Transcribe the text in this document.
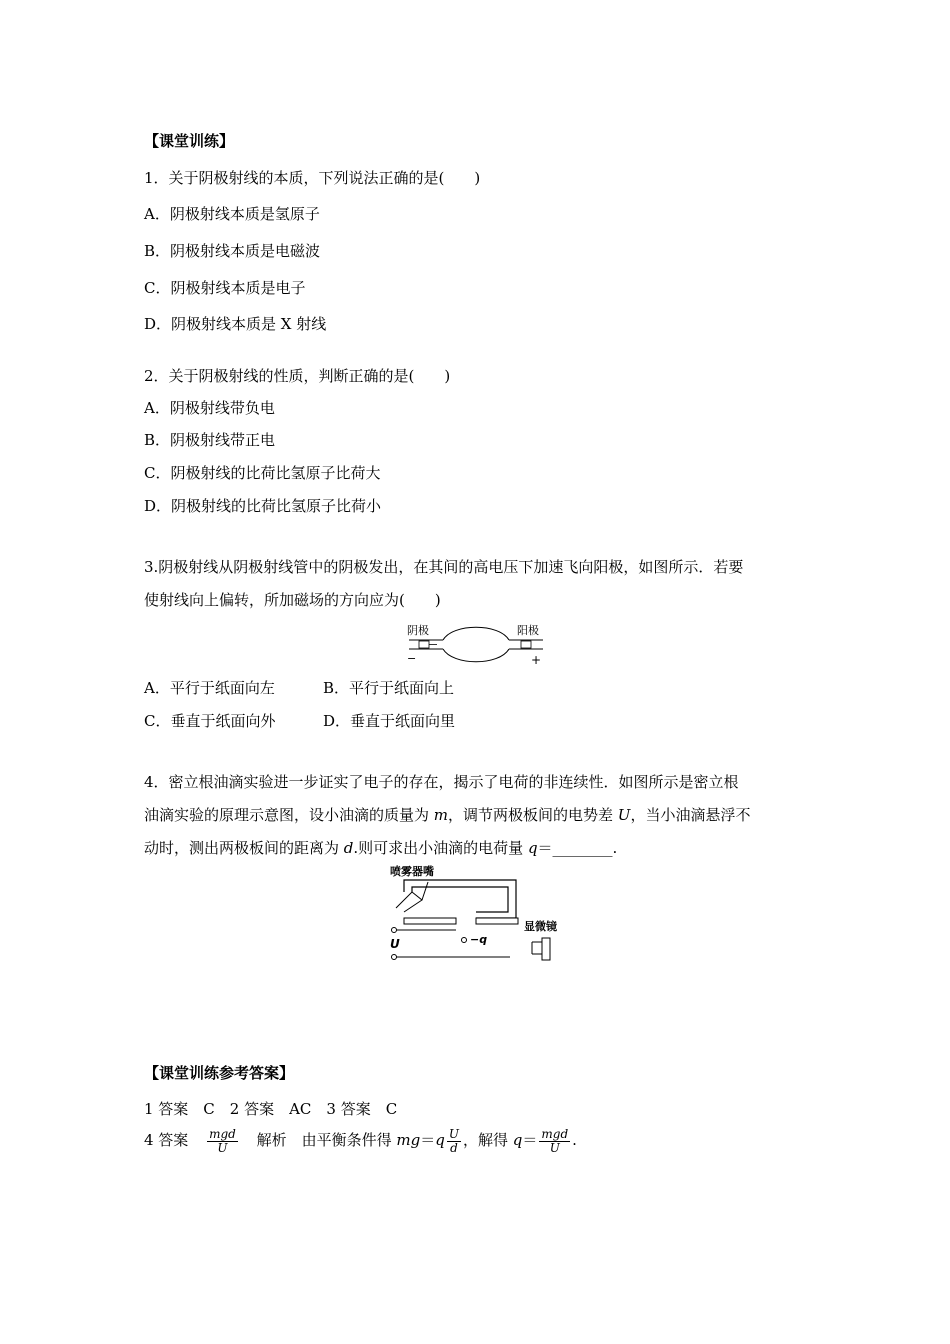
【课堂训练】
1．关于阴极射线的本质，下列说法正确的是(　　)
A．阴极射线本质是氢原子
B．阴极射线本质是电磁波
C．阴极射线本质是电子
D．阴极射线本质是 X 射线
2．关于阴极射线的性质，判断正确的是(　　)
A．阴极射线带负电
B．阴极射线带正电
C．阴极射线的比荷比氢原子比荷大
D．阴极射线的比荷比氢原子比荷小
3.阴极射线从阴极射线管中的阴极发出，在其间的高电压下加速飞向阳极，如图所示．若要
使射线向上偏转，所加磁场的方向应为(　　)
阴极	阳极
−	+
A．平行于纸面向左	B．平行于纸面向上
C．垂直于纸面向外	D．垂直于纸面向里
4．密立根油滴实验进一步证实了电子的存在，揭示了电荷的非连续性．如图所示是密立根
油滴实验的原理示意图，设小油滴的质量为 m，调节两极板间的电势差 U，当小油滴悬浮不
动时，测出两极板间的距离为 d.则可求出小油滴的电荷量 q＝________.
喷雾器嘴
U	−q
显微镜
【课堂训练参考答案】
1 答案　C　2 答案　AC　3 答案　C
4 答案 $\frac{\text{mgd}}{U}$ 解析　由平衡条件得 $mg=q \frac{U}{d}$ ，解得 $q= \frac{\text{mgd}}{U}$ .
